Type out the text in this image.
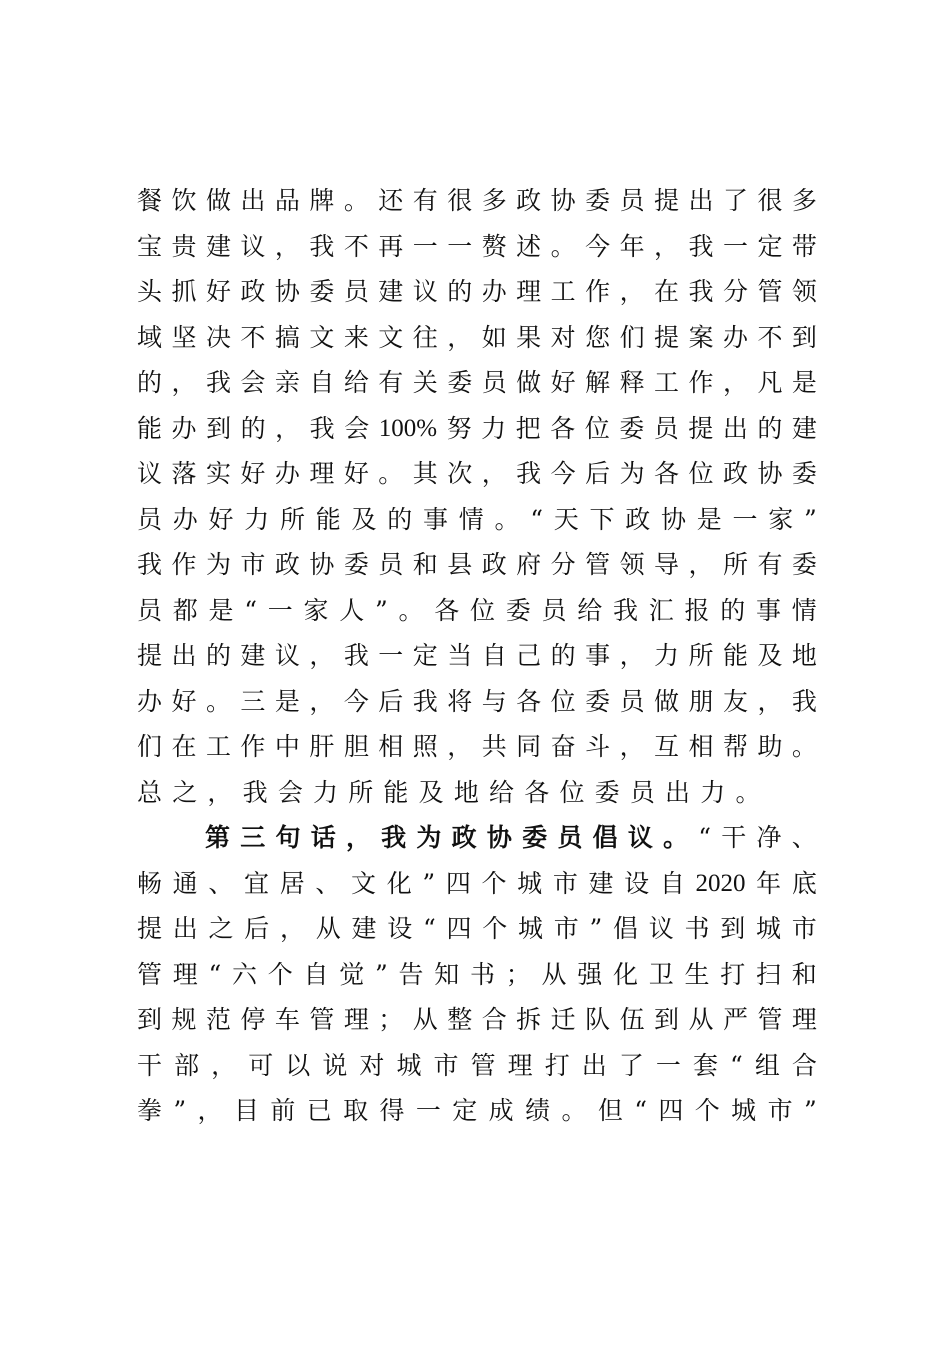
餐 饮 做 出 品 牌 。 还 有 很 多 政 协 委 员 提 出 了 很 多
宝 贵 建 议 ， 我 不 再 一 一 赘 述 。 今 年 ， 我 一 定 带
头 抓 好 政 协 委 员 建 议 的 办 理 工 作 ， 在 我 分 管 领
域 坚 决 不 搞 文 来 文 往 ， 如 果 对 您 们 提 案 办 不 到
的 ， 我 会 亲 自 给 有 关 委 员 做 好 解 释 工 作 ， 凡 是
能 办 到 的 ， 我 会 100% 努 力 把 各 位 委 员 提 出 的 建
议 落 实 好 办 理 好 。 其 次 ， 我 今 后 为 各 位 政 协 委
员 办 好 力 所 能 及 的 事 情 。 “ 天 下 政 协 是 一 家 ”
我 作 为 市 政 协 委 员 和 县 政 府 分 管 领 导 ， 所 有 委
员 都 是 “ 一 家 人 ” 。 各 位 委 员 给 我 汇 报 的 事 情
提 出 的 建 议 ， 我 一 定 当 自 己 的 事 ， 力 所 能 及 地
办 好 。 三 是 ， 今 后 我 将 与 各 位 委 员 做 朋 友 ， 我
们 在 工 作 中 肝 胆 相 照 ， 共 同 奋 斗 ， 互 相 帮 助 。
总 之 ， 我 会 力 所 能 及 地 给 各 位 委 员 出 力 。
第 三 句 话 ， 我 为 政 协 委 员 倡 议 。 “ 干 净 、
畅 通 、 宜 居 、 文 化 ” 四 个 城 市 建 设 自 2020 年 底
提 出 之 后 ， 从 建 设 “ 四 个 城 市 ” 倡 议 书 到 城 市
管 理 “ 六 个 自 觉 ” 告 知 书 ； 从 强 化 卫 生 打 扫 和
到 规 范 停 车 管 理 ； 从 整 合 拆 迁 队 伍 到 从 严 管 理
干 部 ， 可 以 说 对 城 市 管 理 打 出 了 一 套 “ 组 合
拳 ” ， 目 前 已 取 得 一 定 成 绩 。 但 “ 四 个 城 市 ”
